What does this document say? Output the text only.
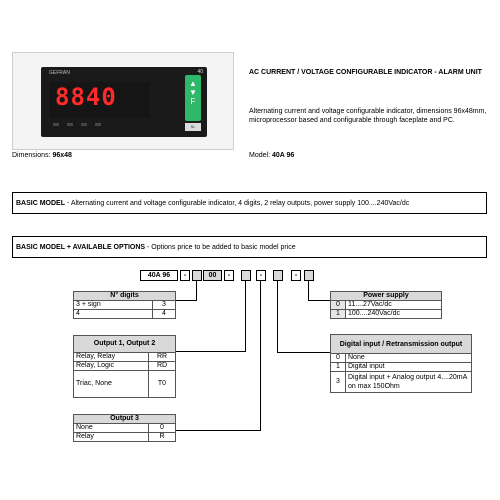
GEFRAN	40
8840	▲
▼
F
SL
Dimensions: 96x48
AC CURRENT / VOLTAGE CONFIGURABLE INDICATOR - ALARM UNIT
Alternating current and voltage configurable indicator, dimensions 96x48mm, microprocessor based and configurable through faceplate and PC.
Model: 40A 96
BASIC MODEL - Alternating current and voltage configurable indicator, 4 digits, 2 relay outputs, power supply 100....240Vac/dc
BASIC MODEL + AVAILABLE OPTIONS - Options price to be added to basic model price
40A 96	-	00	-	-	-
N° digits	
3 + sign	3
4	4
Output 1, Output 2	
Relay, Relay	RR
Relay, Logic	RD
Triac, None	T0
Output 3	
None	0
Relay	R
Power supply	
0	11....27Vac/dc
1	100....240Vac/dc
Digital input / Retransmission output	
0	None
1	Digital input
3	Digital input + Analog output 4....20mA on max 150Ohm
